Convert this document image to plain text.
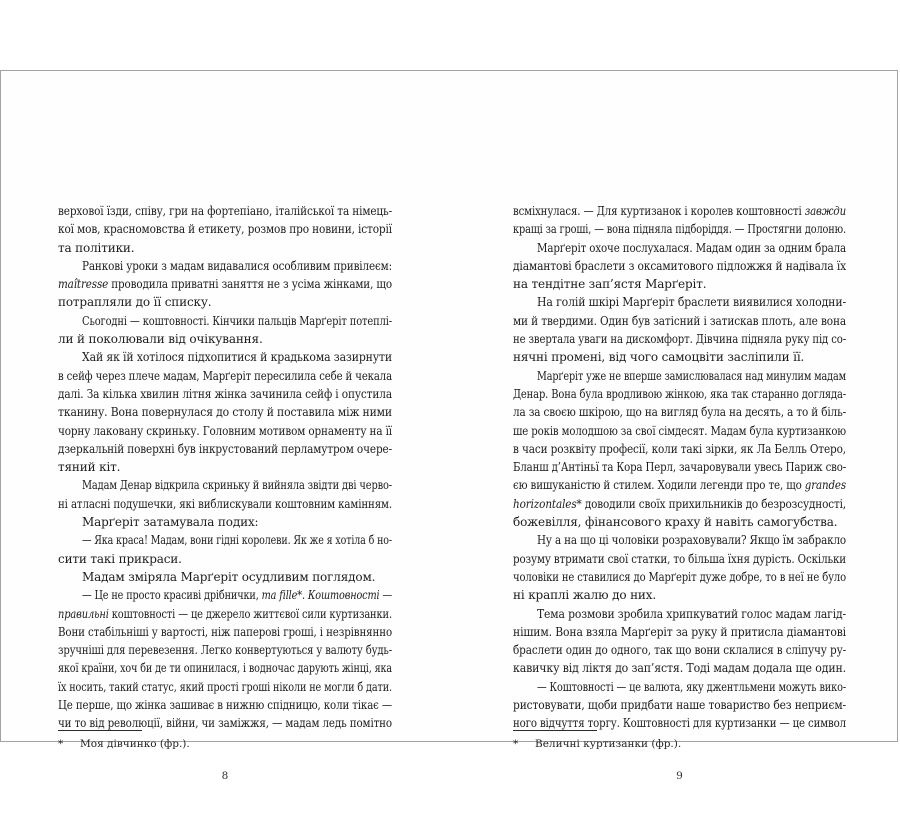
верхової їзди, співу, гри на фортепіано, італійської та німець-
кої мов, красномовства й етикету, розмов про новини, історії
та політики.
Ранкові уроки з мадам видавалися особливим привілеєм:
maîtresse проводила приватні заняття не з усіма жінками, що
потрапляли до її списку.
Сьогодні — коштовності. Кінчики пальців Марґеріт потеплі-
ли й поколювали від очікування.
Хай як їй хотілося підхопитися й крадькома зазирнути
в сейф через плече мадам, Марґеріт пересилила себе й чекала
далі. За кілька хвилин літня жінка зачинила сейф і опустила
тканину. Вона повернулася до столу й поставила між ними
чорну лаковану скриньку. Головним мотивом орнаменту на її
дзеркальній поверхні був інкрустований перламутром очере-
тяний кіт.
Мадам Денар відкрила скриньку й вийняла звідти дві черво-
ні атласні подушечки, які виблискували коштовним камінням.
Марґеріт затамувала подих:
— Яка краса! Мадам, вони гідні королеви. Як же я хотіла б но-
сити такі прикраси.
Мадам зміряла Марґеріт осудливим поглядом.
— Це не просто красиві дрібнички, ma fille*. Коштовності —
правильні коштовності — це джерело життєвої сили куртизанки.
Вони стабільніші у вартості, ніж паперові гроші, і незрівнянно
зручніші для перевезення. Легко конвертуються у валюту будь-
якої країни, хоч би де ти опинилася, і водночас дарують жінці, яка
їх носить, такий статус, який прості гроші ніколи не могли б дати.
Це перше, що жінка зашиває в нижню спідницю, коли тікає —
чи то від революції, війни, чи заміжжя, — мадам ледь помітно
*	Моя дівчинко (фр.).
8
всміхнулася. — Для куртизанок і королев коштовності завжди
кращі за гроші, — вона підняла підборіддя. — Простягни долоню.
Марґеріт охоче послухалася. Мадам один за одним брала
діамантові браслети з оксамитового підложжя й надівала їх
на тендітне зап’ястя Марґеріт.
На голій шкірі Марґеріт браслети виявилися холодни-
ми й твердими. Один був затісний і затискав плоть, але вона
не звертала уваги на дискомфорт. Дівчина підняла руку під со-
нячні промені, від чого самоцвіти засліпили її.
Марґеріт уже не вперше замислювалася над минулим мадам
Денар. Вона була вродливою жінкою, яка так старанно догляда-
ла за своєю шкірою, що на вигляд була на десять, а то й біль-
ше років молодшою за свої сімдесят. Мадам була куртизанкою
в часи розквіту професії, коли такі зірки, як Ла Белль Отеро,
Бланш д’Антіньї та Кора Перл, зачаровували увесь Париж сво-
єю вишуканістю й стилем. Ходили легенди про те, що grandes
horizontales* доводили своїх прихильників до безрозсудності,
божевілля, фінансового краху й навіть самогубства.
Ну а на що ці чоловіки розраховували? Якщо їм забракло
розуму втримати свої статки, то більша їхня дурість. Оскільки
чоловіки не ставилися до Марґеріт дуже добре, то в неї не було
ні краплі жалю до них.
Тема розмови зробила хрипкуватий голос мадам лагід-
нішим. Вона взяла Марґеріт за руку й притисла діамантові
браслети один до одного, так що вони склалися в сліпучу ру-
кавичку від ліктя до зап’ястя. Тоді мадам додала ще один.
— Коштовності — це валюта, яку джентльмени можуть вико-
ристовувати, щоби придбати наше товариство без неприєм-
ного відчуття торгу. Коштовності для куртизанки — це символ
*	Величні куртизанки (фр.).
9
